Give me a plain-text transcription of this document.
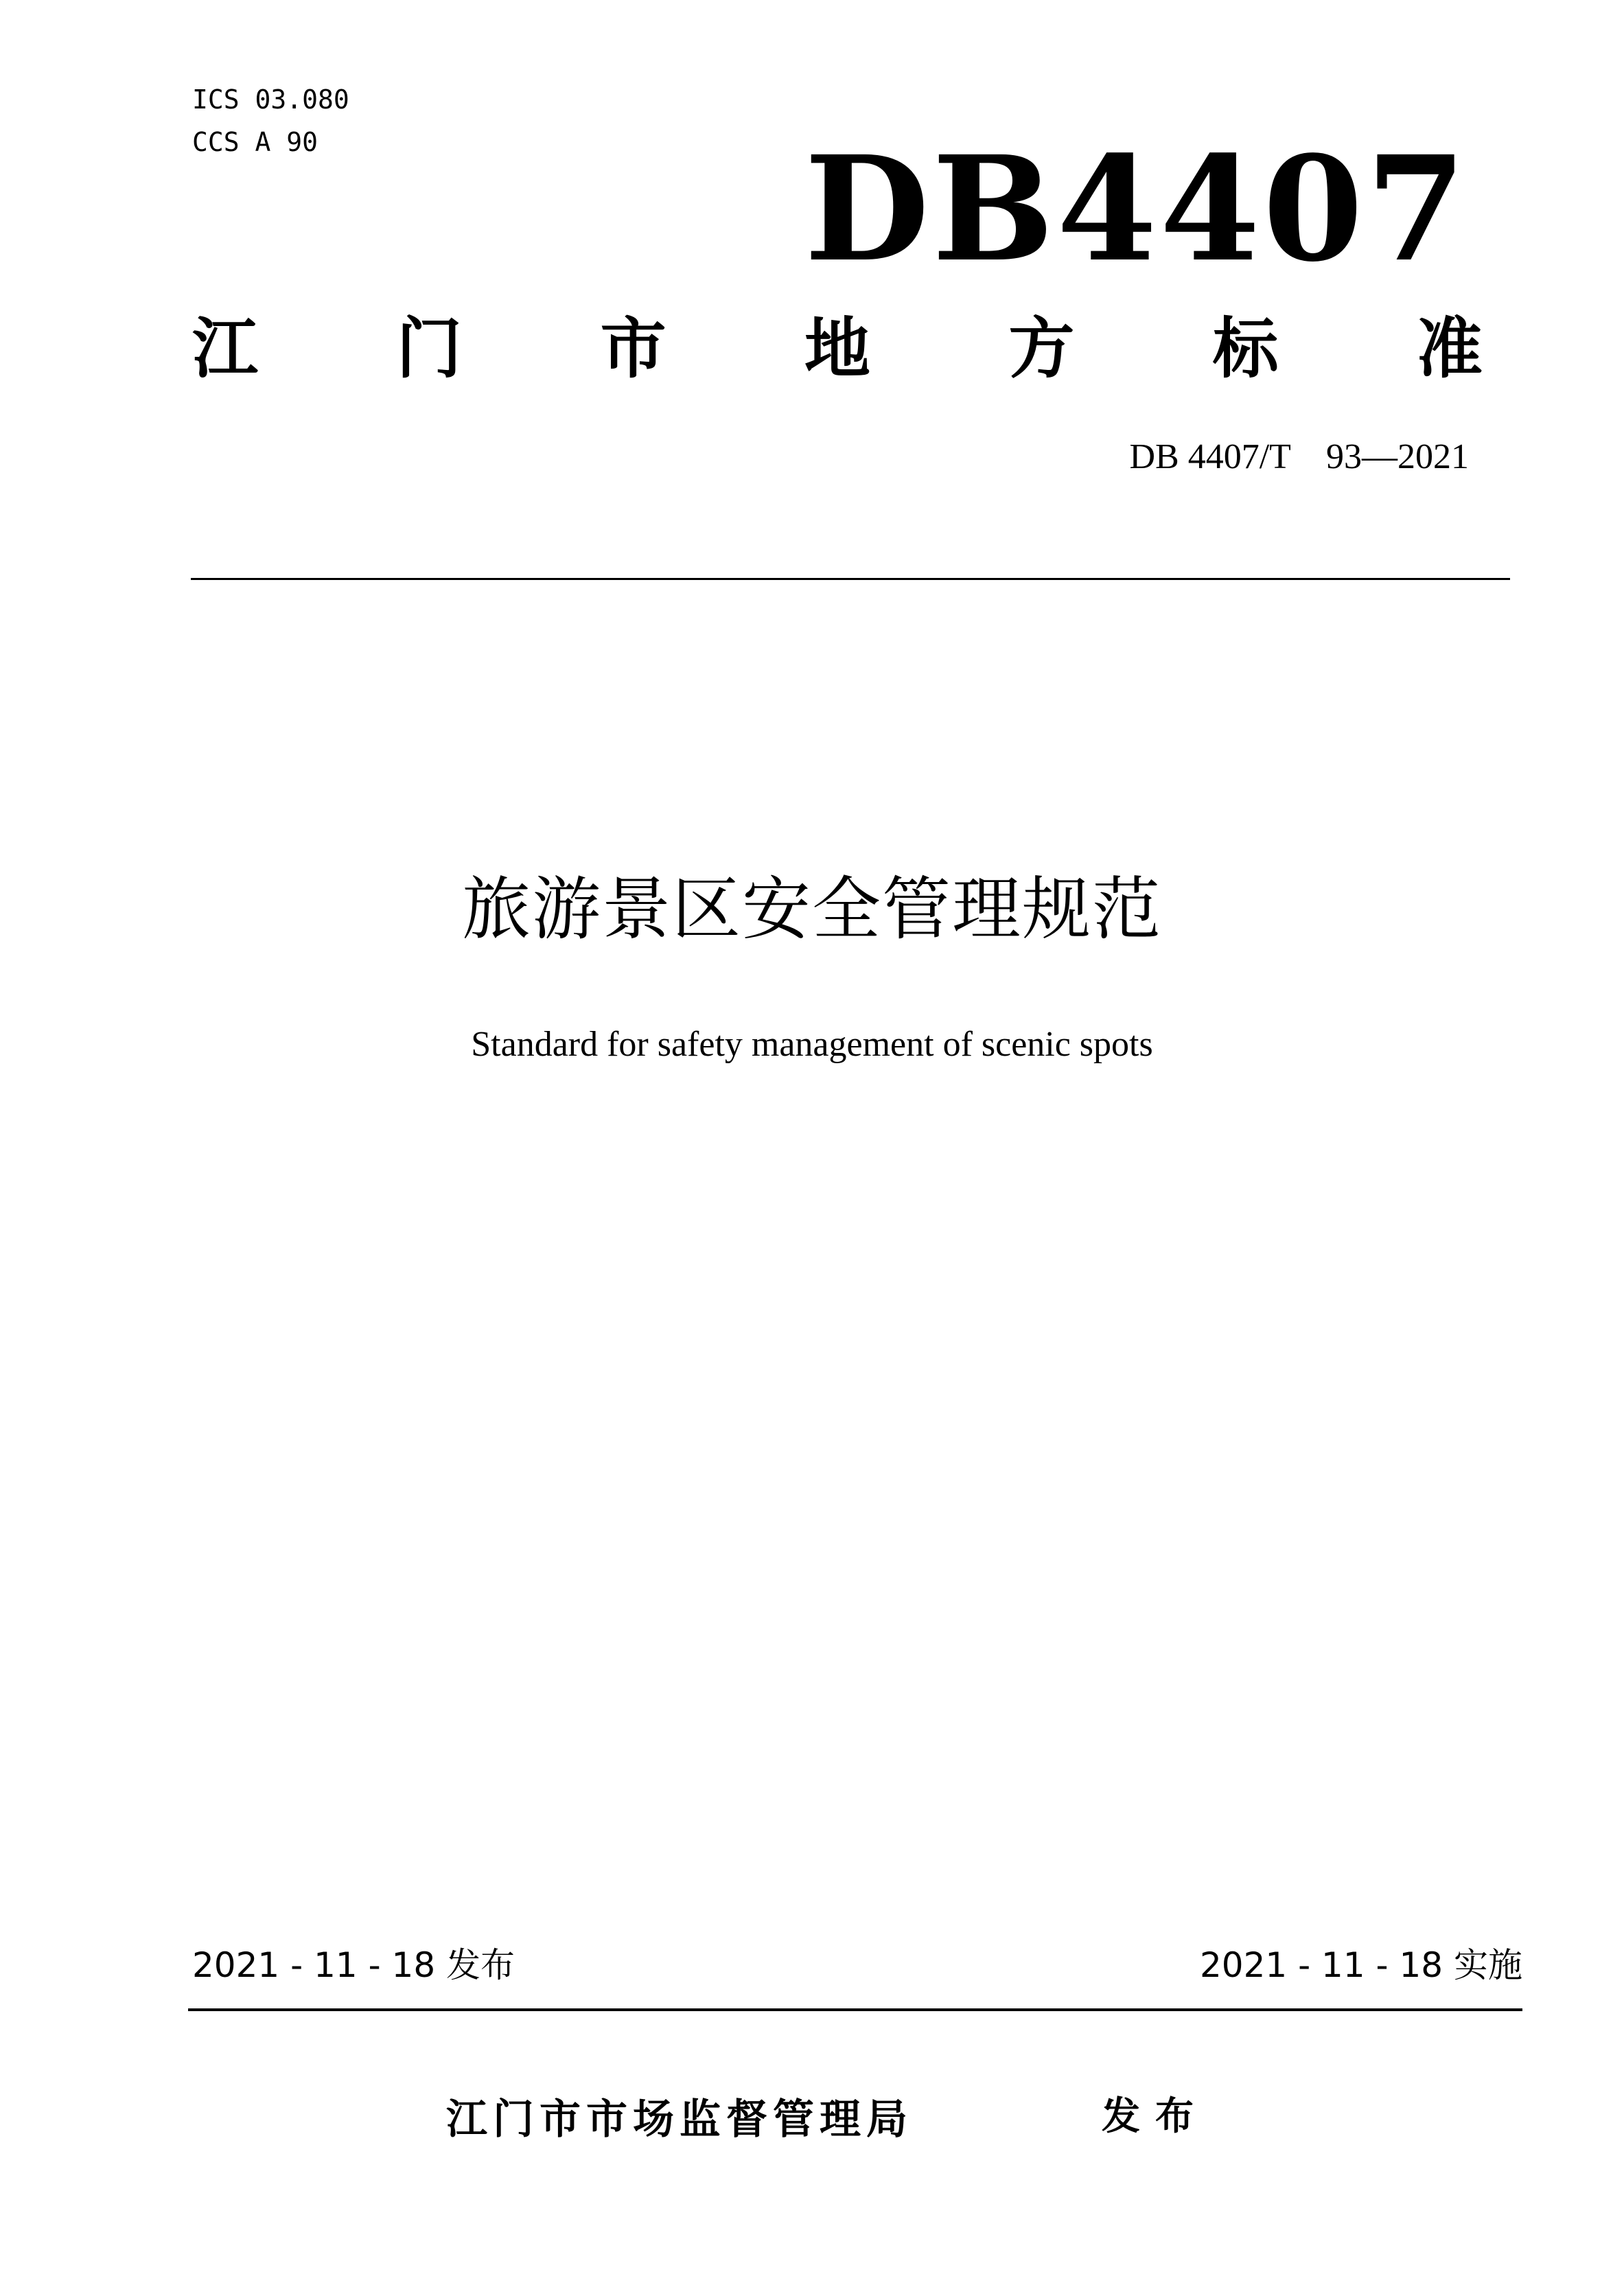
ICS 03.080
CCS A 90	DB4407
江 门 市 地 方 标 准
DB 4407/T    93—2021
旅游景区安全管理规范
Standard for safety management of scenic spots
2021 - 11 - 18 发布	2021 - 11 - 18 实施
江门市市场监督管理局	发布
